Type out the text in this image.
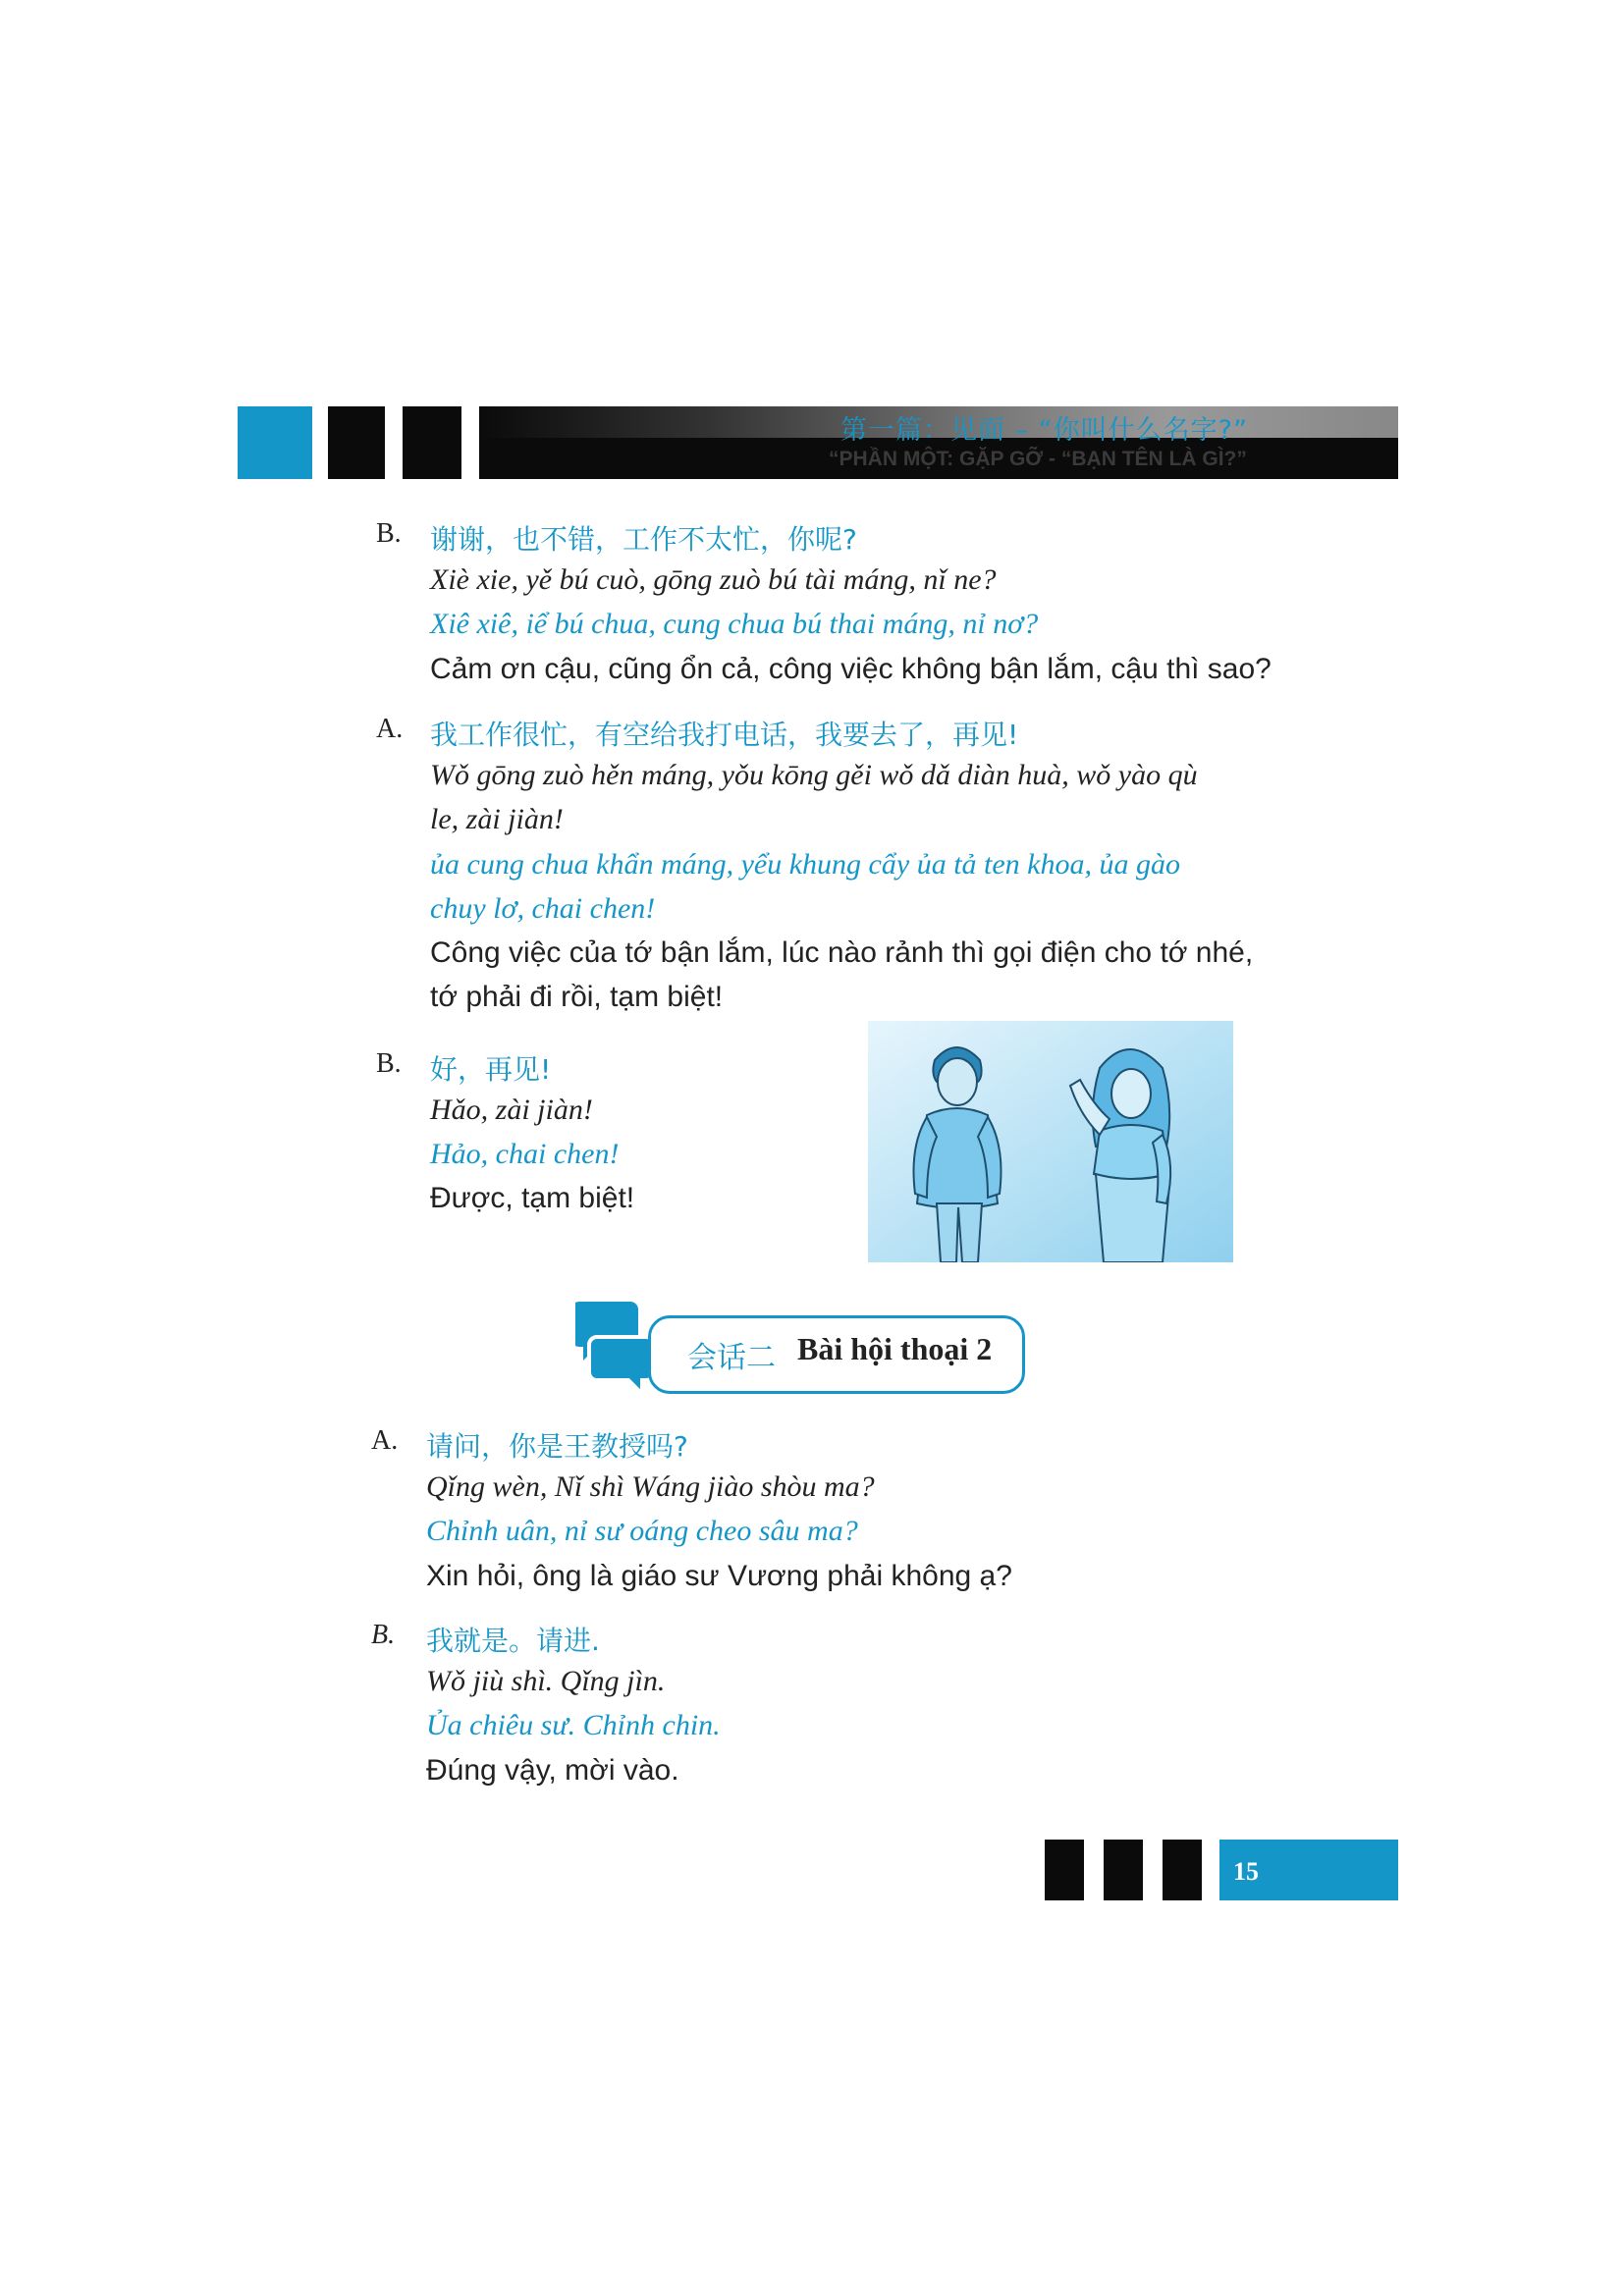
第一篇：见面 – “你叫什么名字?”
“PHẦN MỘT: GẶP GỠ - “BẠN TÊN LÀ GÌ?”
B. 谢谢，也不错，工作不太忙，你呢?
Xiè xie, yě bú cuò, gōng zuò bú tài máng, nǐ ne?
Xiê xiê, iể bú chua, cung chua bú thai máng, nỉ nơ?
Cảm ơn cậu, cũng ổn cả, công việc không bận lắm, cậu thì sao?
A. 我工作很忙，有空给我打电话，我要去了，再见!
Wǒ gōng zuò hěn máng, yǒu kōng gěi wǒ dǎ diàn huà, wǒ yào qù
le, zài jiàn!
ủa cung chua khẩn máng, yểu khung cẩy ủa tả ten khoa, ủa gào
chuy lơ, chai chen!
Công việc của tớ bận lắm, lúc nào rảnh thì gọi điện cho tớ nhé,
tớ phải đi rồi, tạm biệt!
B. 好，再见!
Hǎo, zài jiàn!
Hảo, chai chen!
Được, tạm biệt!
会话二 Bài hội thoại 2
A. 请问，你是王教授吗?
Qǐng wèn, Nǐ shì Wáng jiào shòu ma?
Chỉnh uân, nỉ sư oáng cheo sâu ma?
Xin hỏi, ông là giáo sư Vương phải không ạ?
B. 我就是。请进.
Wǒ jiù shì. Qǐng jìn.
Ủa chiêu sư. Chỉnh chin.
Đúng vậy, mời vào.
15
